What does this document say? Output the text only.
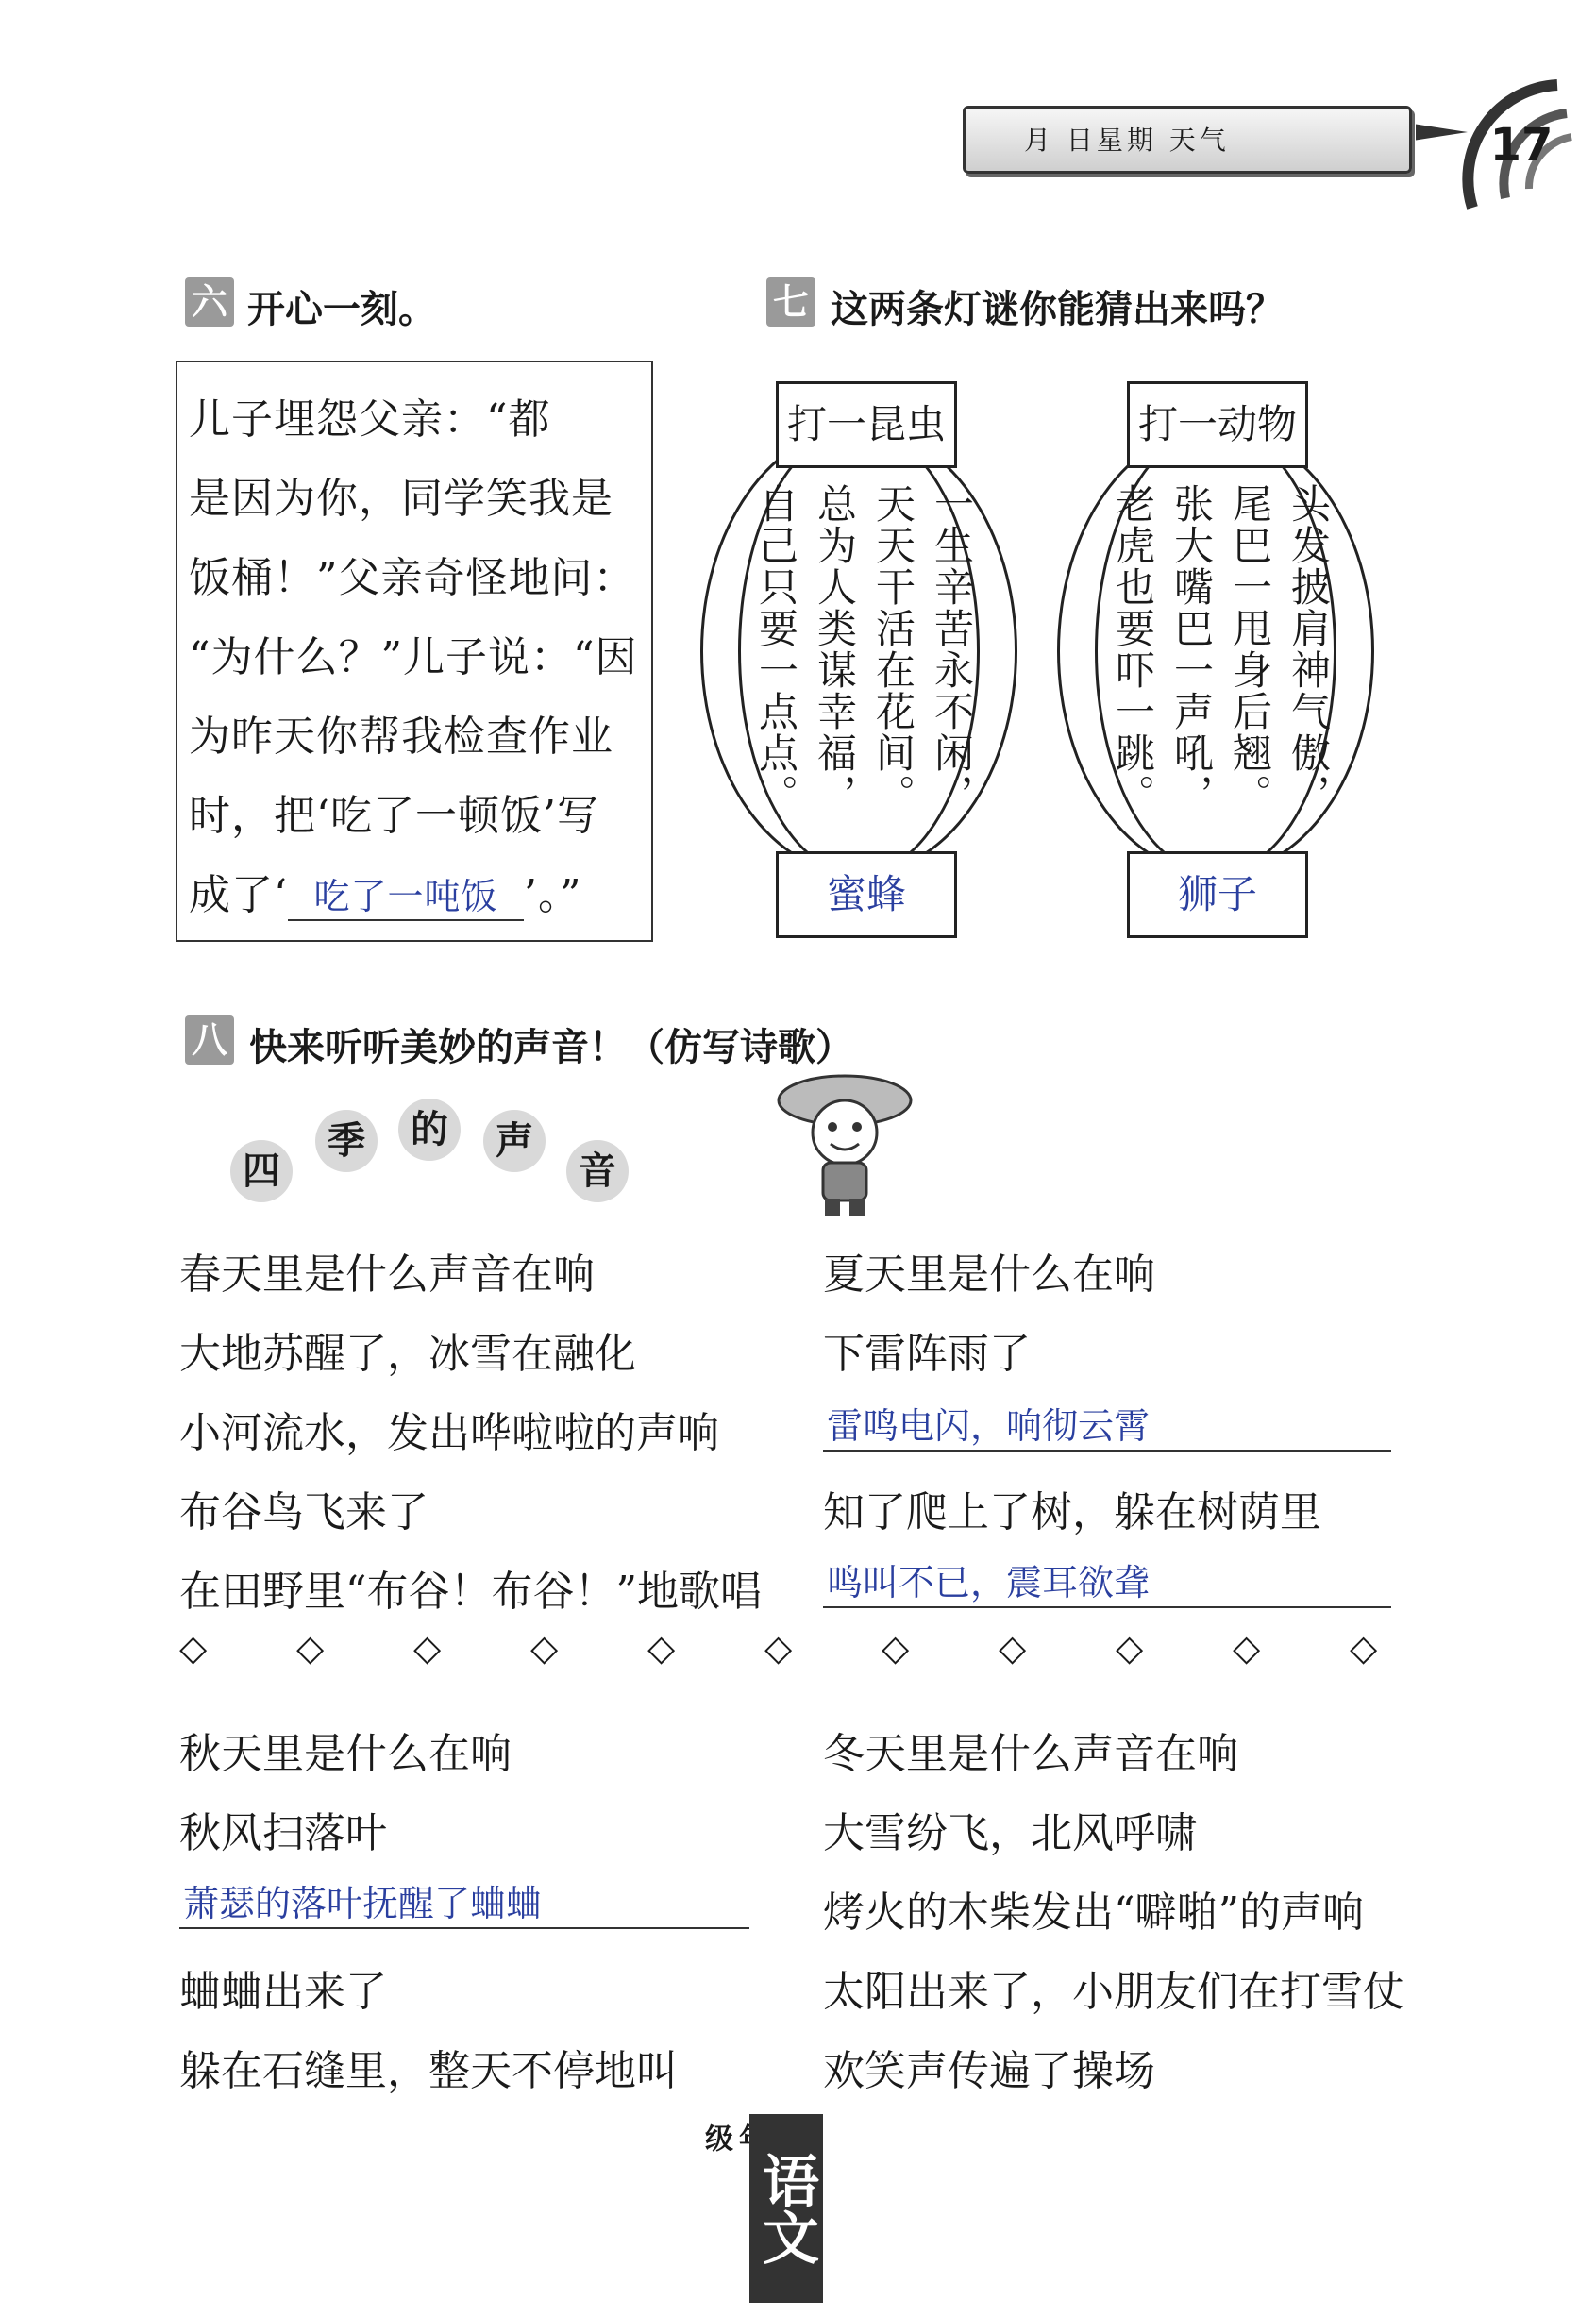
月 日星期 天气	17
六 开心一刻。
儿子埋怨父亲：“都
是因为你，同学笑我是
饭桶！”父亲奇怪地问：
“为什么？”儿子说：“因
为昨天你帮我检查作业
时，把‘吃了一顿饭’写
成了‘ 吃了一吨饭 ’。”
七 这两条灯谜你能猜出来吗？
打一昆虫
一生辛苦永不闲，
天天干活在花间。
总为人类谋幸福，
自己只要一点点。
蜜蜂
打一动物
头发披肩神气傲，
尾巴一甩身后翘。
张大嘴巴一声吼，
老虎也要吓一跳。
狮子
八 快来听听美妙的声音！（仿写诗歌）
四
季	的	声
音
春天里是什么声音在响
大地苏醒了，冰雪在融化
小河流水，发出哗啦啦的声响
布谷鸟飞来了
在田野里“布谷！布谷！”地歌唱
夏天里是什么在响
下雷阵雨了
雷鸣电闪，响彻云霄
知了爬上了树，躲在树荫里
鸣叫不已，震耳欲聋
◇ ◇ ◇ ◇ ◇ ◇ ◇ ◇ ◇ ◇ ◇
秋天里是什么在响
秋风扫落叶
萧瑟的落叶抚醒了蛐蛐
蛐蛐出来了
躲在石缝里，整天不停地叫
冬天里是什么声音在响
大雪纷飞，北风呼啸
烤火的木柴发出“噼啪”的声响
太阳出来了，小朋友们在打雪仗
欢笑声传遍了操场
级
语文
